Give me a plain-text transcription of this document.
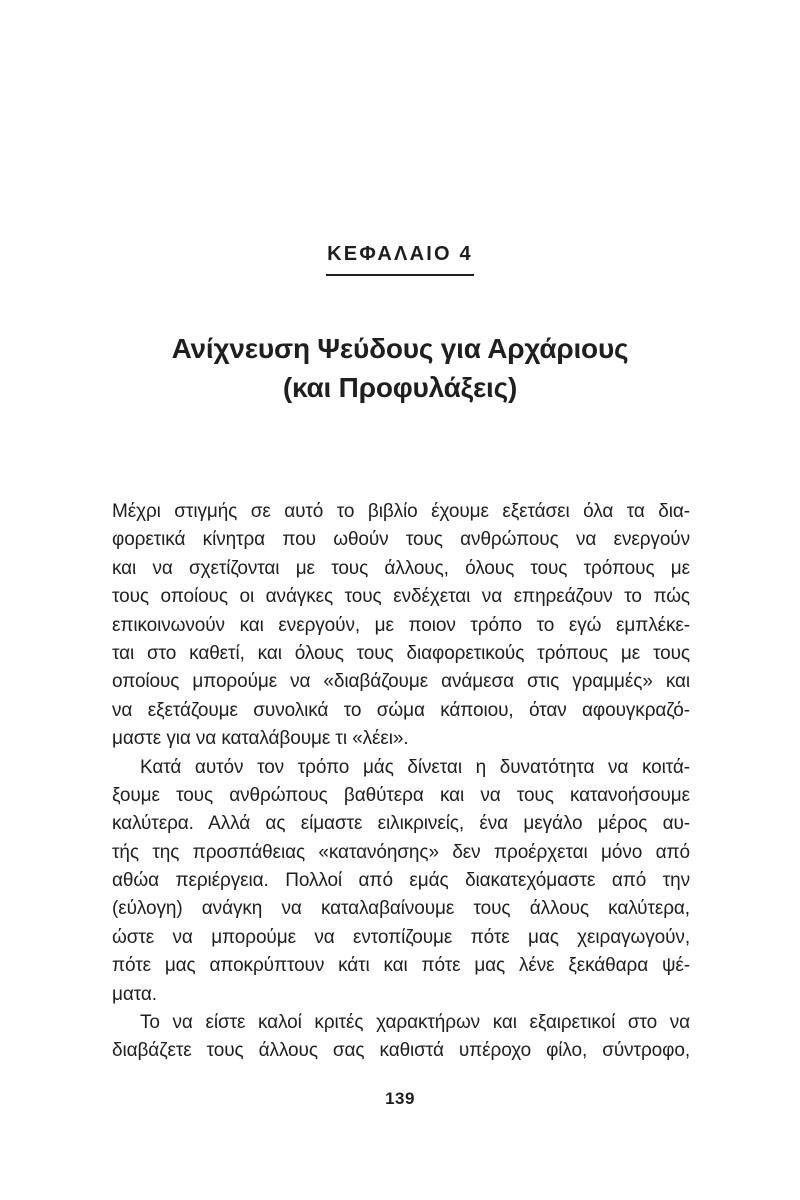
ΚΕΦΑΛΑΙΟ 4
Ανίχνευση Ψεύδους για Αρχάριους
(και Προφυλάξεις)
Μέχρι στιγμής σε αυτό το βιβλίο έχουμε εξετάσει όλα τα δια-
φορετικά κίνητρα που ωθούν τους ανθρώπους να ενεργούν
και να σχετίζονται με τους άλλους, όλους τους τρόπους με
τους οποίους οι ανάγκες τους ενδέχεται να επηρεάζουν το πώς
επικοινωνούν και ενεργούν, με ποιον τρόπο το εγώ εμπλέκε-
ται στο καθετί, και όλους τους διαφορετικούς τρόπους με τους
οποίους μπορούμε να «διαβάζουμε ανάμεσα στις γραμμές» και
να εξετάζουμε συνολικά το σώμα κάποιου, όταν αφουγκραζό-
μαστε για να καταλάβουμε τι «λέει».
Κατά αυτόν τον τρόπο μάς δίνεται η δυνατότητα να κοιτά-
ξουμε τους ανθρώπους βαθύτερα και να τους κατανοήσουμε
καλύτερα. Αλλά ας είμαστε ειλικρινείς, ένα μεγάλο μέρος αυ-
τής της προσπάθειας «κατανόησης» δεν προέρχεται μόνο από
αθώα περιέργεια. Πολλοί από εμάς διακατεχόμαστε από την
(εύλογη) ανάγκη να καταλαβαίνουμε τους άλλους καλύτερα,
ώστε να μπορούμε να εντοπίζουμε πότε μας χειραγωγούν,
πότε μας αποκρύπτουν κάτι και πότε μας λένε ξεκάθαρα ψέ-
ματα.
Το να είστε καλοί κριτές χαρακτήρων και εξαιρετικοί στο να
διαβάζετε τους άλλους σας καθιστά υπέροχο φίλο, σύντροφο,
139
